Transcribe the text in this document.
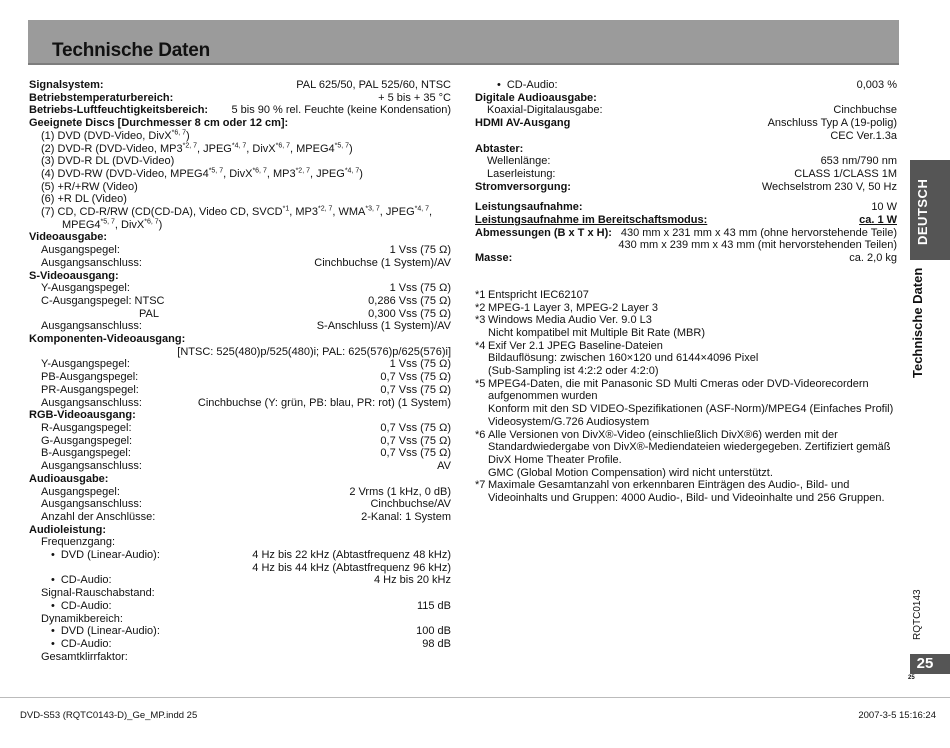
Technische Daten
Signalsystem:	PAL 625/50, PAL 525/60, NTSC
Betriebstemperaturbereich:	+ 5 bis + 35 °C
Betriebs-Luftfeuchtigkeitsbereich: 5 bis 90 % rel. Feuchte (keine Kondensation)
Geeignete Discs [Durchmesser 8 cm oder 12 cm]:
(1) DVD (DVD-Video, DivX$^{*6, 7}$)
(2) DVD-R (DVD-Video, MP3$^{*2, 7}$, JPEG$^{*4, 7}$, DivX$^{*6, 7}$, MPEG4$^{*5, 7}$)
(3) DVD-R DL (DVD-Video)
(4) DVD-RW (DVD-Video, MPEG4$^{*5, 7}$, DivX$^{*6, 7}$, MP3$^{*2, 7}$, JPEG$^{*4, 7}$)
(5) +R/+RW (Video)
(6) +R DL (Video)
(7) CD, CD-R/RW (CD(CD-DA), Video CD, SVCD$^{*1}$, MP3$^{*2, 7}$, WMA$^{*3, 7}$, JPEG$^{*4, 7}$,
MPEG4$^{*5, 7}$, DivX$^{*6, 7}$)
Videoausgabe:
Ausgangspegel:	1 Vss (75 Ω)
Ausgangsanschluss:	Cinchbuchse (1 System)/AV
S-Videoausgang:
Y-Ausgangspegel:	1 Vss (75 Ω)
C-Ausgangspegel: NTSC	0,286 Vss (75 Ω)
PAL	0,300 Vss (75 Ω)
Ausgangsanschluss:	S-Anschluss (1 System)/AV
Komponenten-Videoausgang:
[NTSC: 525(480)p/525(480)i; PAL: 625(576)p/625(576)i]
Y-Ausgangspegel:	1 Vss (75 Ω)
PB-Ausgangspegel:	0,7 Vss (75 Ω)
PR-Ausgangspegel:	0,7 Vss (75 Ω)
Ausgangsanschluss:	Cinchbuchse (Y: grün, PB: blau, PR: rot) (1 System)
RGB-Videoausgang:
R-Ausgangspegel:	0,7 Vss (75 Ω)
G-Ausgangspegel:	0,7 Vss (75 Ω)
B-Ausgangspegel:	0,7 Vss (75 Ω)
Ausgangsanschluss:	AV
Audioausgabe:
Ausgangspegel:	2 Vrms (1 kHz, 0 dB)
Ausgangsanschluss:	Cinchbuchse/AV
Anzahl der Anschlüsse:	2-Kanal: 1 System
Audioleistung:
Frequenzgang:
• DVD (Linear-Audio):	4 Hz bis 22 kHz (Abtastfrequenz 48 kHz)
4 Hz bis 44 kHz (Abtastfrequenz 96 kHz)
• CD-Audio:	4 Hz bis 20 kHz
Signal-Rauschabstand:
• CD-Audio:	115 dB
Dynamikbereich:
• DVD (Linear-Audio):	100 dB
• CD-Audio:	98 dB
Gesamtklirrfaktor:
• CD-Audio:	0,003 %
Digitale Audioausgabe:
Koaxial-Digitalausgabe:	Cinchbuchse
HDMI AV-Ausgang	Anschluss Typ A (19-polig)
CEC Ver.1.3a
Abtaster:
Wellenlänge:	653 nm/790 nm
Laserleistung:	CLASS 1/CLASS 1M
Stromversorgung:	Wechselstrom 230 V, 50 Hz
Leistungsaufnahme:	10 W
Leistungsaufnahme im Bereitschaftsmodus:	ca. 1 W
Abmessungen (B x T x H): 430 mm x 231 mm x 43 mm (ohne hervorstehende Teile)
430 mm x 239 mm x 43 mm (mit hervorstehenden Teilen)
Masse:	ca. 2,0 kg
*1 Entspricht IEC62107
*2 MPEG-1 Layer 3, MPEG-2 Layer 3
*3 Windows Media Audio Ver. 9.0 L3
Nicht kompatibel mit Multiple Bit Rate (MBR)
*4 Exif Ver 2.1 JPEG Baseline-Dateien
Bildauflösung: zwischen 160×120 und 6144×4096 Pixel
(Sub-Sampling ist 4:2:2 oder 4:2:0)
*5 MPEG4-Daten, die mit Panasonic SD Multi Cmeras oder DVD-Videorecordern
aufgenommen wurden
Konform mit den SD VIDEO-Spezifikationen (ASF-Norm)/MPEG4 (Einfaches Profil)
Videosystem/G.726 Audiosystem
*6 Alle Versionen von DivX®-Video (einschließlich DivX®6) werden mit der
Standardwiedergabe von DivX®-Mediendateien wiedergegeben. Zertifiziert gemäß
DivX Home Theater Profile.
GMC (Global Motion Compensation) wird nicht unterstützt.
*7 Maximale Gesamtanzahl von erkennbaren Einträgen des Audio-, Bild- und
Videoinhalts und Gruppen: 4000 Audio-, Bild- und Videoinhalte und 256 Gruppen.
DEUTSCH
Technische Daten
RQTC0143
25
25
DVD-S53 (RQTC0143-D)_Ge_MP.indd 25	2007-3-5 15:16:24
